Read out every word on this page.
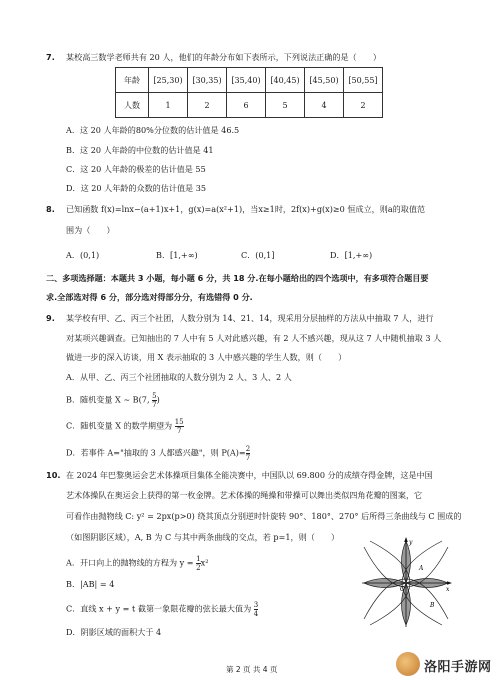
7. 某校高三数学老师共有 20 人，他们的年龄分布如下表所示，下列说法正确的是（　　）
年龄	[25,30)	[30,35)	[35,40)	[40,45)	[45,50)	[50,55]
人数	1	2	6	5	4	2
A．这 20 人年龄的80%分位数的估计值是 46.5
B．这 20 人年龄的中位数的估计值是 41
C．这 20 人年龄的极差的估计值是 55
D．这 20 人年龄的众数的估计值是 35
8. 已知函数 f(x)=lnx−(a+1)x+1，g(x)=a(x²+1)，当x≥1时，2f(x)+g(x)≥0 恒成立，则a的取值范
围为（　　）
A．(0,1)	B．[1,+∞)	C．(0,1]	D．[1,+∞)
二、多项选择题：本题共 3 小题，每小题 6 分，共 18 分.在每小题给出的四个选项中，有多项符合题目要
求.全部选对得 6 分，部分选对得部分分，有选错得 0 分.
9. 某学校有甲、乙、丙三个社团，人数分别为 14、21、14，现采用分层抽样的方法从中抽取 7 人，进行
对某项兴趣调查。已知抽出的 7 人中有 5 人对此感兴趣，有 2 人不感兴趣，现从这 7 人中随机抽取 3 人
做进一步的深入访谈，用 X 表示抽取的 3 人中感兴趣的学生人数，则（　　）
A．从甲、乙、丙三个社团抽取的人数分别为 2 人、3 人、2 人
B．随机变量 X ~ B(7, $\frac{5}{7}$ )
C．随机变量 X 的数学期望为 $\frac{15}{7}$
D．若事件 A="抽取的 3 人都感兴趣"，则 $P(A)= \frac{2}{7}$
10. 在 2024 年巴黎奥运会艺术体操项目集体全能决赛中，中国队以 69.800 分的成绩夺得金牌，这是中国
艺术体操队在奥运会上获得的第一枚金牌。艺术体操的绳操和带操可以舞出类似四角花瓣的图案，它
可看作由抛物线 C: y² = 2px(p>0) 绕其顶点分别逆时针旋转 90°、180°、270° 后所得三条曲线与 C 围成的
（如图阴影区域），A, B 为 C 与其中两条曲线的交点，若 p=1，则（　　）
A．开口向上的抛物线的方程为 $y = \frac{1}{2} x^2$
B．|AB| = 4
C．直线 x + y = t 截第一象限花瓣的弦长最大值为 $\frac{3}{4}$
D．阴影区域的面积大于 4
y
x
O
A
B
第 2 页 共 4 页	洛阳手游网
